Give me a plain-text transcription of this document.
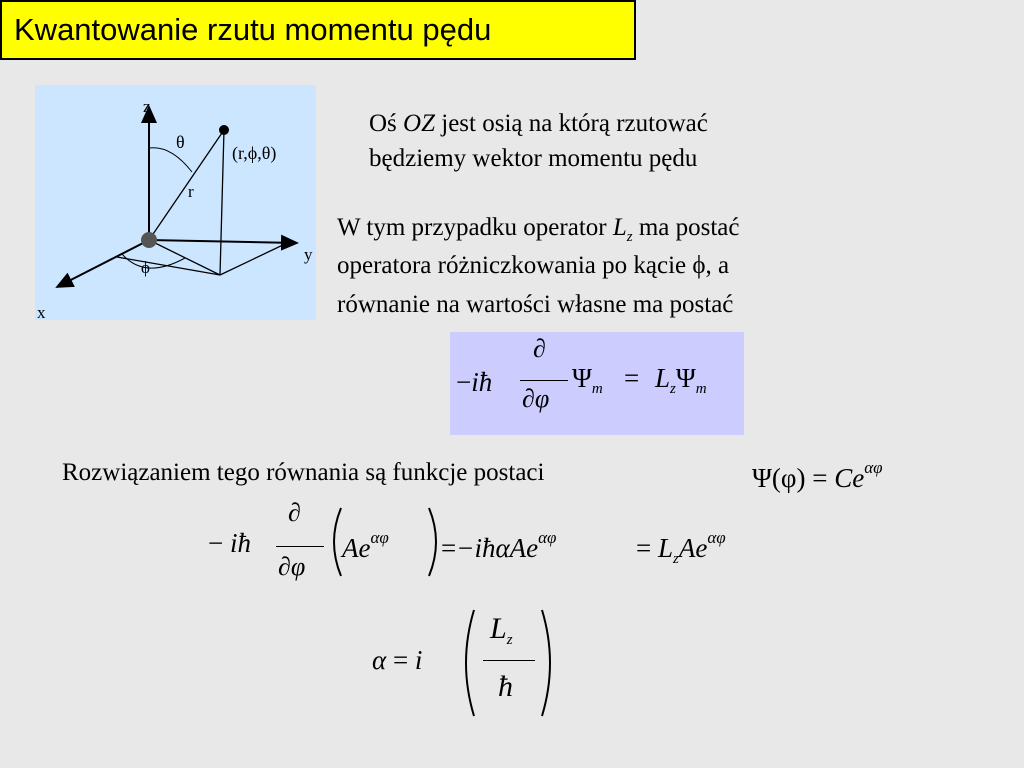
Kwantowanie rzutu momentu pędu
z
y
x
θ
r
ϕ
(r,ϕ,θ)
Oś OZ jest osią na którą rzutować
będziemy wektor momentu pędu
W tym przypadku operator $L_z$ ma postać
operatora różniczkowania po kącie ϕ, a
równanie na wartości własne ma postać
−iħ
∂
∂φ
$\Psi_m = L_z\Psi_m$
Rozwiązaniem tego równania są funkcje postaci	$\Psi(\varphi) = Ce^{\alpha\varphi}$
− iħ
∂
∂φ
$Ae^{\alpha\varphi}$ =−iħαAe$^{\alpha\varphi}$	= $L_zAe^{\alpha\varphi}$
α = i
$L_z$
ħ
